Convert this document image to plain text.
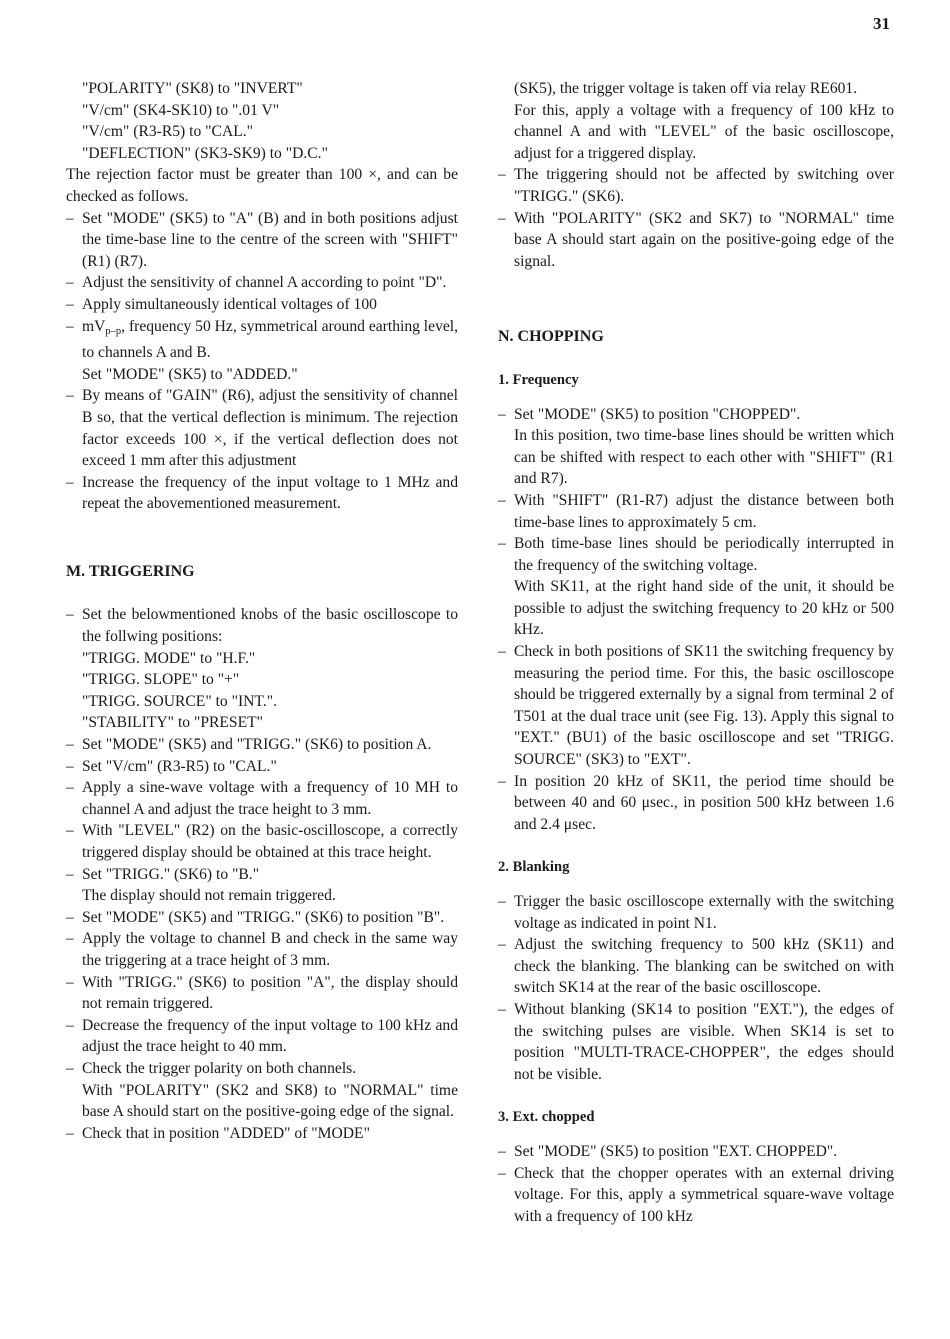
31

"POLARITY" (SK8) to "INVERT"

"V/cm" (SK4-SK10) to ".01 V"

"V/cm" (R3-R5) to "CAL."

"DEFLECTION" (SK3-SK9) to "D.C."

The rejection factor must be greater than 100 ×, and can be checked as follows.

– Set "MODE" (SK5) to "A" (B) and in both positions adjust the time-base line to the centre of the screen with "SHIFT" (R1) (R7).

– Adjust the sensitivity of channel A according to point "D".

– Apply simultaneously identical voltages of 100

– $mV_{p-p}$, frequency 50 Hz, symmetrical around earthing level, to channels A and B.

Set "MODE" (SK5) to "ADDED."

– By means of "GAIN" (R6), adjust the sensitivity of channel B so, that the vertical deflection is minimum. The rejection factor exceeds 100 ×, if the vertical deflection does not exceed 1 mm after this adjustment

– Increase the frequency of the input voltage to 1 MHz and repeat the abovementioned measurement.

M. TRIGGERING

– Set the belowmentioned knobs of the basic oscilloscope to the follwing positions:

"TRIGG. MODE" to "H.F."

"TRIGG. SLOPE" to "+"

"TRIGG. SOURCE" to "INT.".

"STABILITY" to "PRESET"

– Set "MODE" (SK5) and "TRIGG." (SK6) to position A.

– Set "V/cm" (R3-R5) to "CAL."

– Apply a sine-wave voltage with a frequency of 10 MH to channel A and adjust the trace height to 3 mm.

– With "LEVEL" (R2) on the basic-oscilloscope, a correctly triggered display should be obtained at this trace height.

– Set "TRIGG." (SK6) to "B."

The display should not remain triggered.

– Set "MODE" (SK5) and "TRIGG." (SK6) to position "B".

– Apply the voltage to channel B and check in the same way the triggering at a trace height of 3 mm.

– With "TRIGG." (SK6) to position "A", the display should not remain triggered.

– Decrease the frequency of the input voltage to 100 kHz and adjust the trace height to 40 mm.

– Check the trigger polarity on both channels.

With "POLARITY" (SK2 and SK8) to "NORMAL" time base A should start on the positive-going edge of the signal.

– Check that in position "ADDED" of "MODE"

(SK5), the trigger voltage is taken off via relay RE601.

For this, apply a voltage with a frequency of 100 kHz to channel A and with "LEVEL" of the basic oscilloscope, adjust for a triggered display.

– The triggering should not be affected by switching over "TRIGG." (SK6).

– With "POLARITY" (SK2 and SK7) to "NORMAL" time base A should start again on the positive-going edge of the signal.

N. CHOPPING

1. Frequency

– Set "MODE" (SK5) to position "CHOPPED".

In this position, two time-base lines should be written which can be shifted with respect to each other with "SHIFT" (R1 and R7).

– With "SHIFT" (R1-R7) adjust the distance between both time-base lines to approximately 5 cm.

– Both time-base lines should be periodically interrupted in the frequency of the switching voltage.

With SK11, at the right hand side of the unit, it should be possible to adjust the switching frequency to 20 kHz or 500 kHz.

– Check in both positions of SK11 the switching frequency by measuring the period time. For this, the basic oscilloscope should be triggered externally by a signal from terminal 2 of T501 at the dual trace unit (see Fig. 13). Apply this signal to "EXT." (BU1) of the basic oscilloscope and set "TRIGG. SOURCE" (SK3) to "EXT".

– In position 20 kHz of SK11, the period time should be between 40 and 60 μsec., in position 500 kHz between 1.6 and 2.4 μsec.

2. Blanking

– Trigger the basic oscilloscope externally with the switching voltage as indicated in point N1.

– Adjust the switching frequency to 500 kHz (SK11) and check the blanking. The blanking can be switched on with switch SK14 at the rear of the basic oscilloscope.

– Without blanking (SK14 to position "EXT."), the edges of the switching pulses are visible. When SK14 is set to position "MULTI-TRACE-CHOPPER", the edges should not be visible.

3. Ext. chopped

– Set "MODE" (SK5) to position "EXT. CHOPPED".

– Check that the chopper operates with an external driving voltage. For this, apply a symmetrical square-wave voltage with a frequency of 100 kHz
